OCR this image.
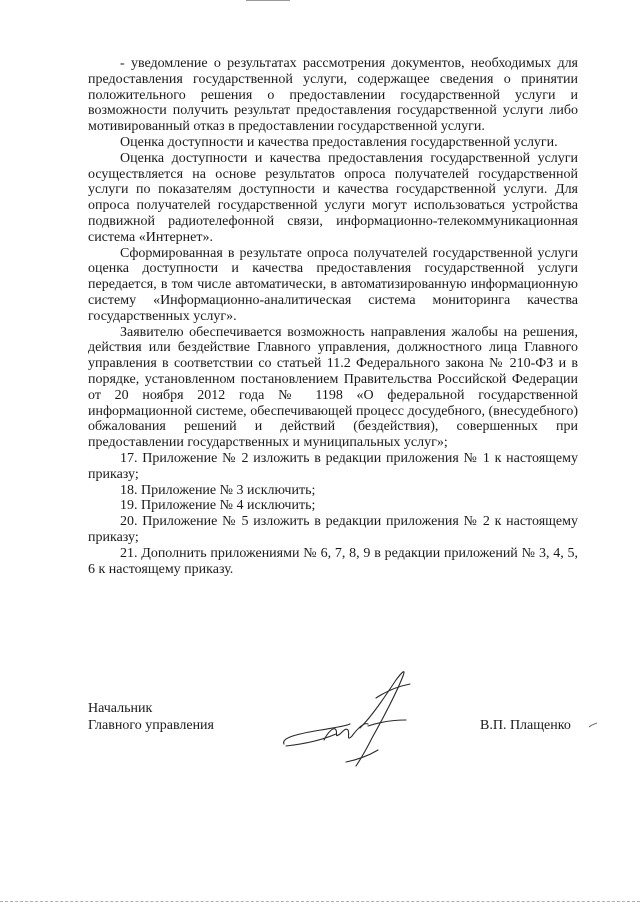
- уведомление о результатах рассмотрения документов, необходимых для предоставления государственной услуги, содержащее сведения о принятии положительного решения о предоставлении государственной услуги и возможности получить результат предоставления государственной услуги либо мотивированный отказ в предоставлении государственной услуги.

Оценка доступности и качества предоставления государственной услуги.

Оценка доступности и качества предоставления государственной услуги осуществляется на основе результатов опроса получателей государственной услуги по показателям доступности и качества государственной услуги. Для опроса получателей государственной услуги могут использоваться устройства подвижной радиотелефонной связи, информационно-телекоммуникационная система «Интернет».

Сформированная в результате опроса получателей государственной услуги оценка доступности и качества предоставления государственной услуги передается, в том числе автоматически, в автоматизированную информационную систему «Информационно-аналитическая система мониторинга качества государственных услуг».

Заявителю обеспечивается возможность направления жалобы на решения, действия или бездействие Главного управления, должностного лица Главного управления в соответствии со статьей 11.2 Федерального закона № 210-ФЗ и в порядке, установленном постановлением Правительства Российской Федерации от 20 ноября 2012 года № 1198 «О федеральной государственной информационной системе, обеспечивающей процесс досудебного, (внесудебного) обжалования решений и действий (бездействия), совершенных при предоставлении государственных и муниципальных услуг»;

17. Приложение № 2 изложить в редакции приложения № 1 к настоящему приказу;

18. Приложение № 3 исключить;

19. Приложение № 4 исключить;

20. Приложение № 5 изложить в редакции приложения № 2 к настоящему приказу;

21. Дополнить приложениями № 6, 7, 8, 9 в редакции приложений № 3, 4, 5, 6 к настоящему приказу.

Начальник
Главного управления	В.П. Плащенко
